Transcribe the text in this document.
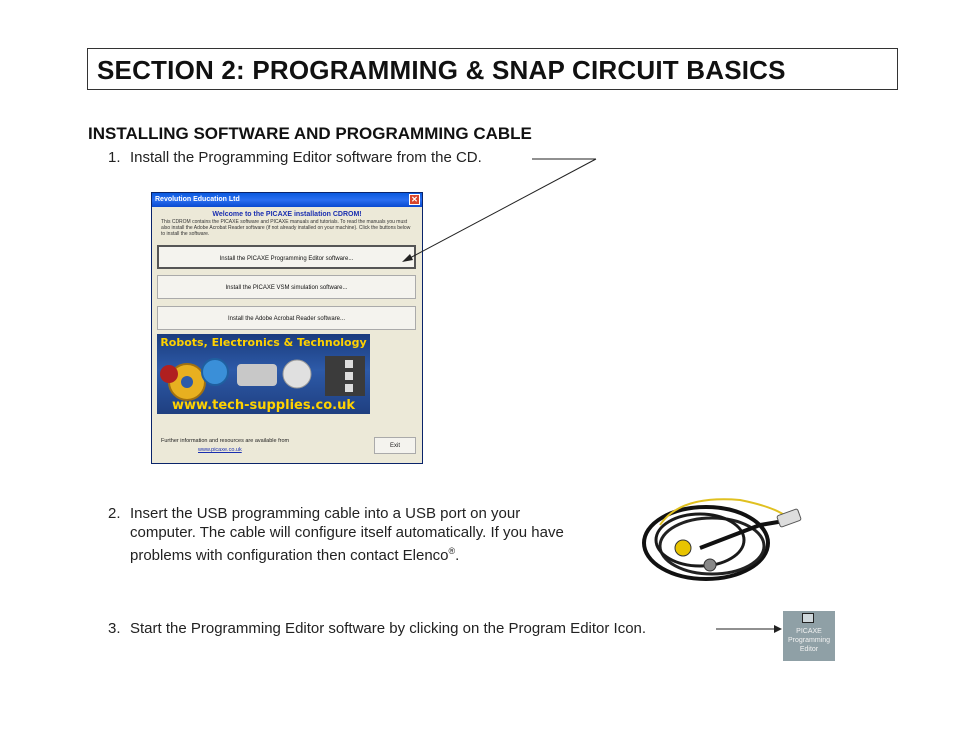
SECTION 2: PROGRAMMING & SNAP CIRCUIT BASICS
INSTALLING SOFTWARE AND PROGRAMMING CABLE
1. Install the Programming Editor software from the CD.
2. Insert the USB programming cable into a USB port on your
computer. The cable will configure itself automatically. If you have
problems with configuration then contact Elenco®.
3. Start the Programming Editor software by clicking on the Program Editor Icon.
Revolution Education Ltd	✕
Welcome to the PICAXE installation CDROM!
This CDROM contains the PICAXE software and PICAXE manuals and tutorials. To read the manuals you must also install the Adobe Acrobat Reader software (if not already installed on your machine). Click the buttons below to install the software.
Install the PICAXE Programming Editor software...
Install the PICAXE VSM simulation software...
Install the Adobe Acrobat Reader software...
Robots, Electronics & Technology
www.tech-supplies.co.uk
Further information and resources are available from
www.picaxe.co.uk
Exit
PICAXE Programming Editor
